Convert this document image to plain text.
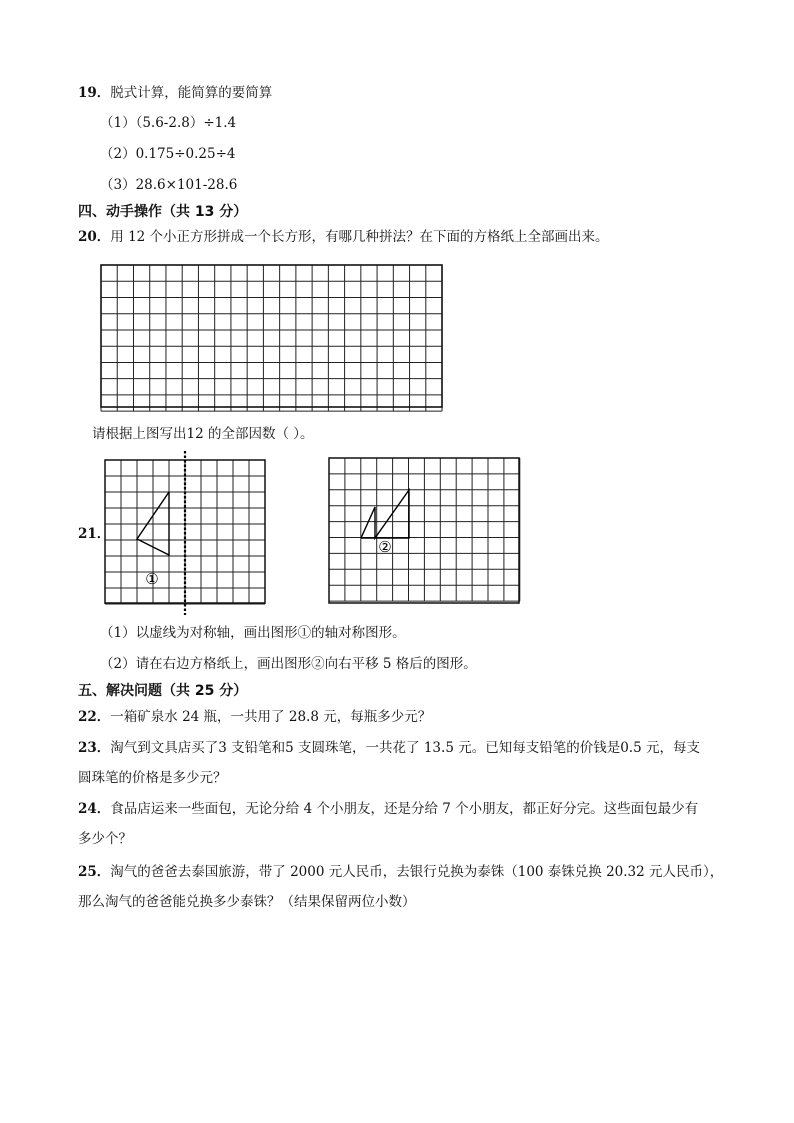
19．脱式计算，能简算的要简算
（1）（5.6-2.8）÷1.4
（2）0.175÷0.25÷4
（3）28.6×101-28.6
四、动手操作（共 13 分）
20．用 12 个小正方形拼成一个长方形，有哪几种拼法？在下面的方格纸上全部画出来。
请根据上图写出12 的全部因数（ ）。
21．
①
②
（1）以虚线为对称轴，画出图形①的轴对称图形。
（2）请在右边方格纸上，画出图形②向右平移 5 格后的图形。
五、解决问题（共 25 分）
22．一箱矿泉水 24 瓶，一共用了 28.8 元，每瓶多少元？
23．淘气到文具店买了3 支铅笔和5 支圆珠笔，一共花了 13.5 元。已知每支铅笔的价钱是0.5 元，每支
圆珠笔的价格是多少元？
24．食品店运来一些面包，无论分给 4 个小朋友，还是分给 7 个小朋友，都正好分完。这些面包最少有
多少个？
25．淘气的爸爸去泰国旅游，带了 2000 元人民币，去银行兑换为泰铢（100 泰铢兑换 20.32 元人民币），
那么淘气的爸爸能兑换多少泰铢？（结果保留两位小数）
